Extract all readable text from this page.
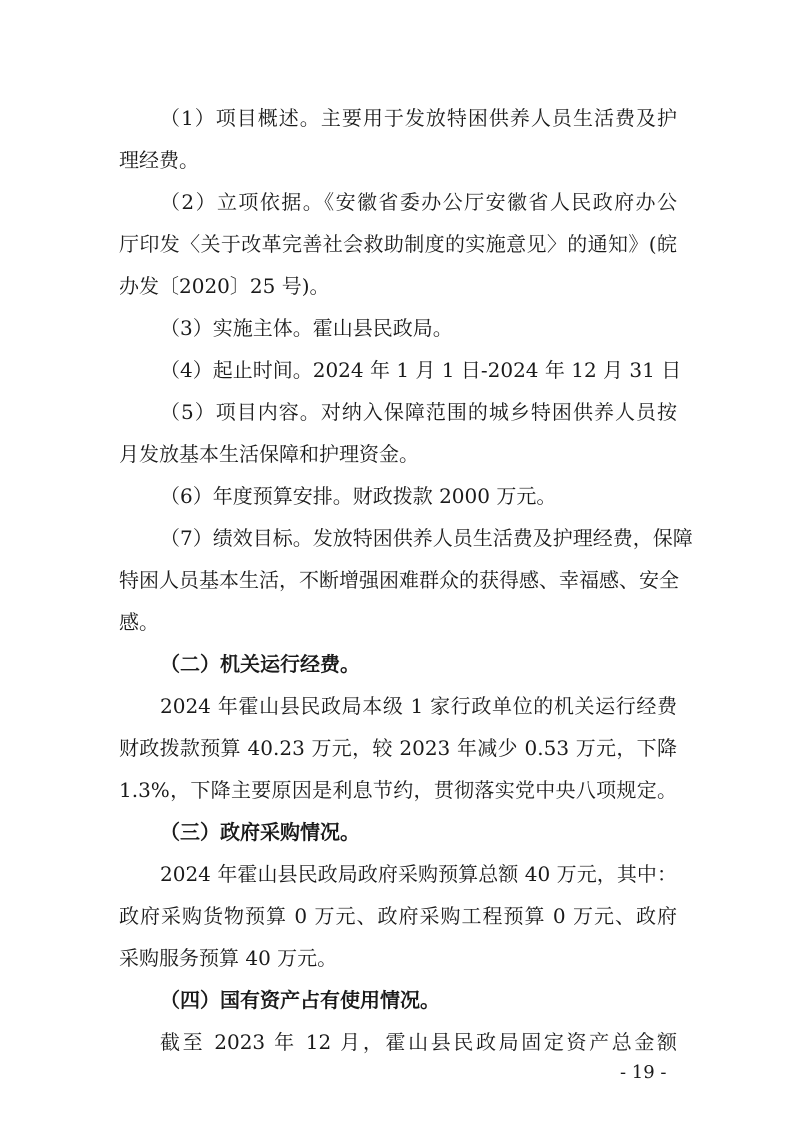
（1）项目概述。主要用于发放特困供养人员生活费及护
理经费。
（2）立项依据。《安徽省委办公厅安徽省人民政府办公
厅印发〈关于改革完善社会救助制度的实施意见〉的通知》(皖
办发〔2020〕25 号)。
（3）实施主体。霍山县民政局。
（4）起止时间。2024 年 1 月 1 日-2024 年 12 月 31 日
（5）项目内容。对纳入保障范围的城乡特困供养人员按
月发放基本生活保障和护理资金。
（6）年度预算安排。财政拨款 2000 万元。
（7）绩效目标。发放特困供养人员生活费及护理经费，保障
特困人员基本生活，不断增强困难群众的获得感、幸福感、安全
感。
（二）机关运行经费。
2024 年霍山县民政局本级 1 家行政单位的机关运行经费
财政拨款预算 40.23 万元，较 2023 年减少 0.53 万元，下降
1.3%，下降主要原因是利息节约，贯彻落实党中央八项规定。
（三）政府采购情况。
2024 年霍山县民政局政府采购预算总额 40 万元，其中：
政府采购货物预算 0 万元、政府采购工程预算 0 万元、政府
采购服务预算 40 万元。
（四）国有资产占有使用情况。
截至 2023 年 12 月，霍山县民政局固定资产总金额
- 19 -
